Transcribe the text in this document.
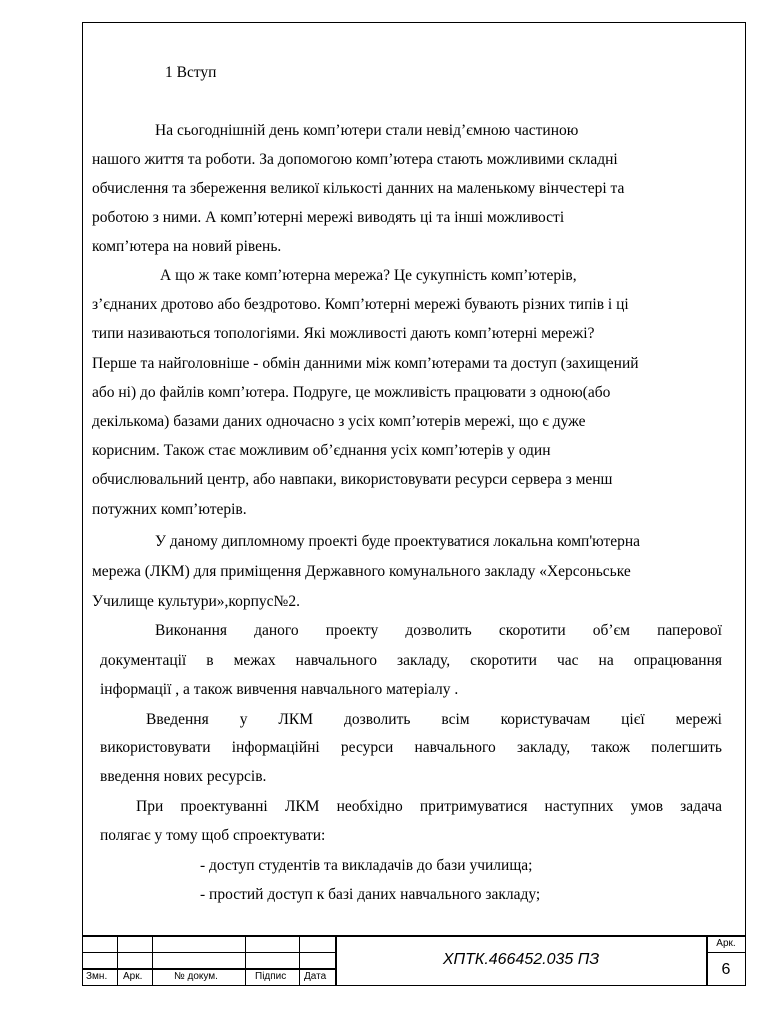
1 Вступ
На сьогоднішній день комп’ютери стали невід’ємною частиною
нашого життя та роботи. За допомогою комп’ютера стають можливими складні
обчислення та збереження великої кількості данних на маленькому вінчестері та
роботою з ними. А комп’ютерні мережі виводять ці та інші можливості
комп’ютера на новий рівень.
А що ж таке комп’ютерна мережа? Це сукупність комп’ютерів,
з’єднаних дротово або бездротово. Комп’ютерні мережі бувають різних типів і ці
типи називаються топологіями. Які можливості дають комп’ютерні мережі?
Перше та найголовніше - обмін данними між комп’ютерами та доступ (захищений
або ні) до файлів комп’ютера. Подруге, це можливість працювати з одною(або
декількома) базами даних одночасно з усіх комп’ютерів мережі, що є дуже
корисним. Також стає можливим об’єднання усіх комп’ютерів у один
обчислювальний центр, або навпаки, використовувати ресурси сервера з менш
потужних комп’ютерів.
У даному дипломному проекті буде проектуватися локальна комп'ютерна
мережа (ЛКМ) для приміщення Державного комунального закладу «Херсоньське
Училище культури»,корпус№2.
Виконання даного проекту дозволить скоротити об’єм паперової
документації в межах навчального закладу, скоротити час на опрацювання
інформації , а також вивчення навчального матеріалу .
Введення у ЛКМ дозволить всім користувачам цієї мережі
використовувати інформаційні ресурси навчального закладу, також полегшить
введення нових ресурсів.
При проектуванні ЛКМ необхідно притримуватися наступних умов задача
полягає у тому щоб спроектувати:
- доступ студентів та викладачів до бази училища;
- простий доступ к базі даних навчального закладу;
Змн. Арк.	№ докум.	Підпис Дата
ХПТК.466452.035 ПЗ
Арк.
6
